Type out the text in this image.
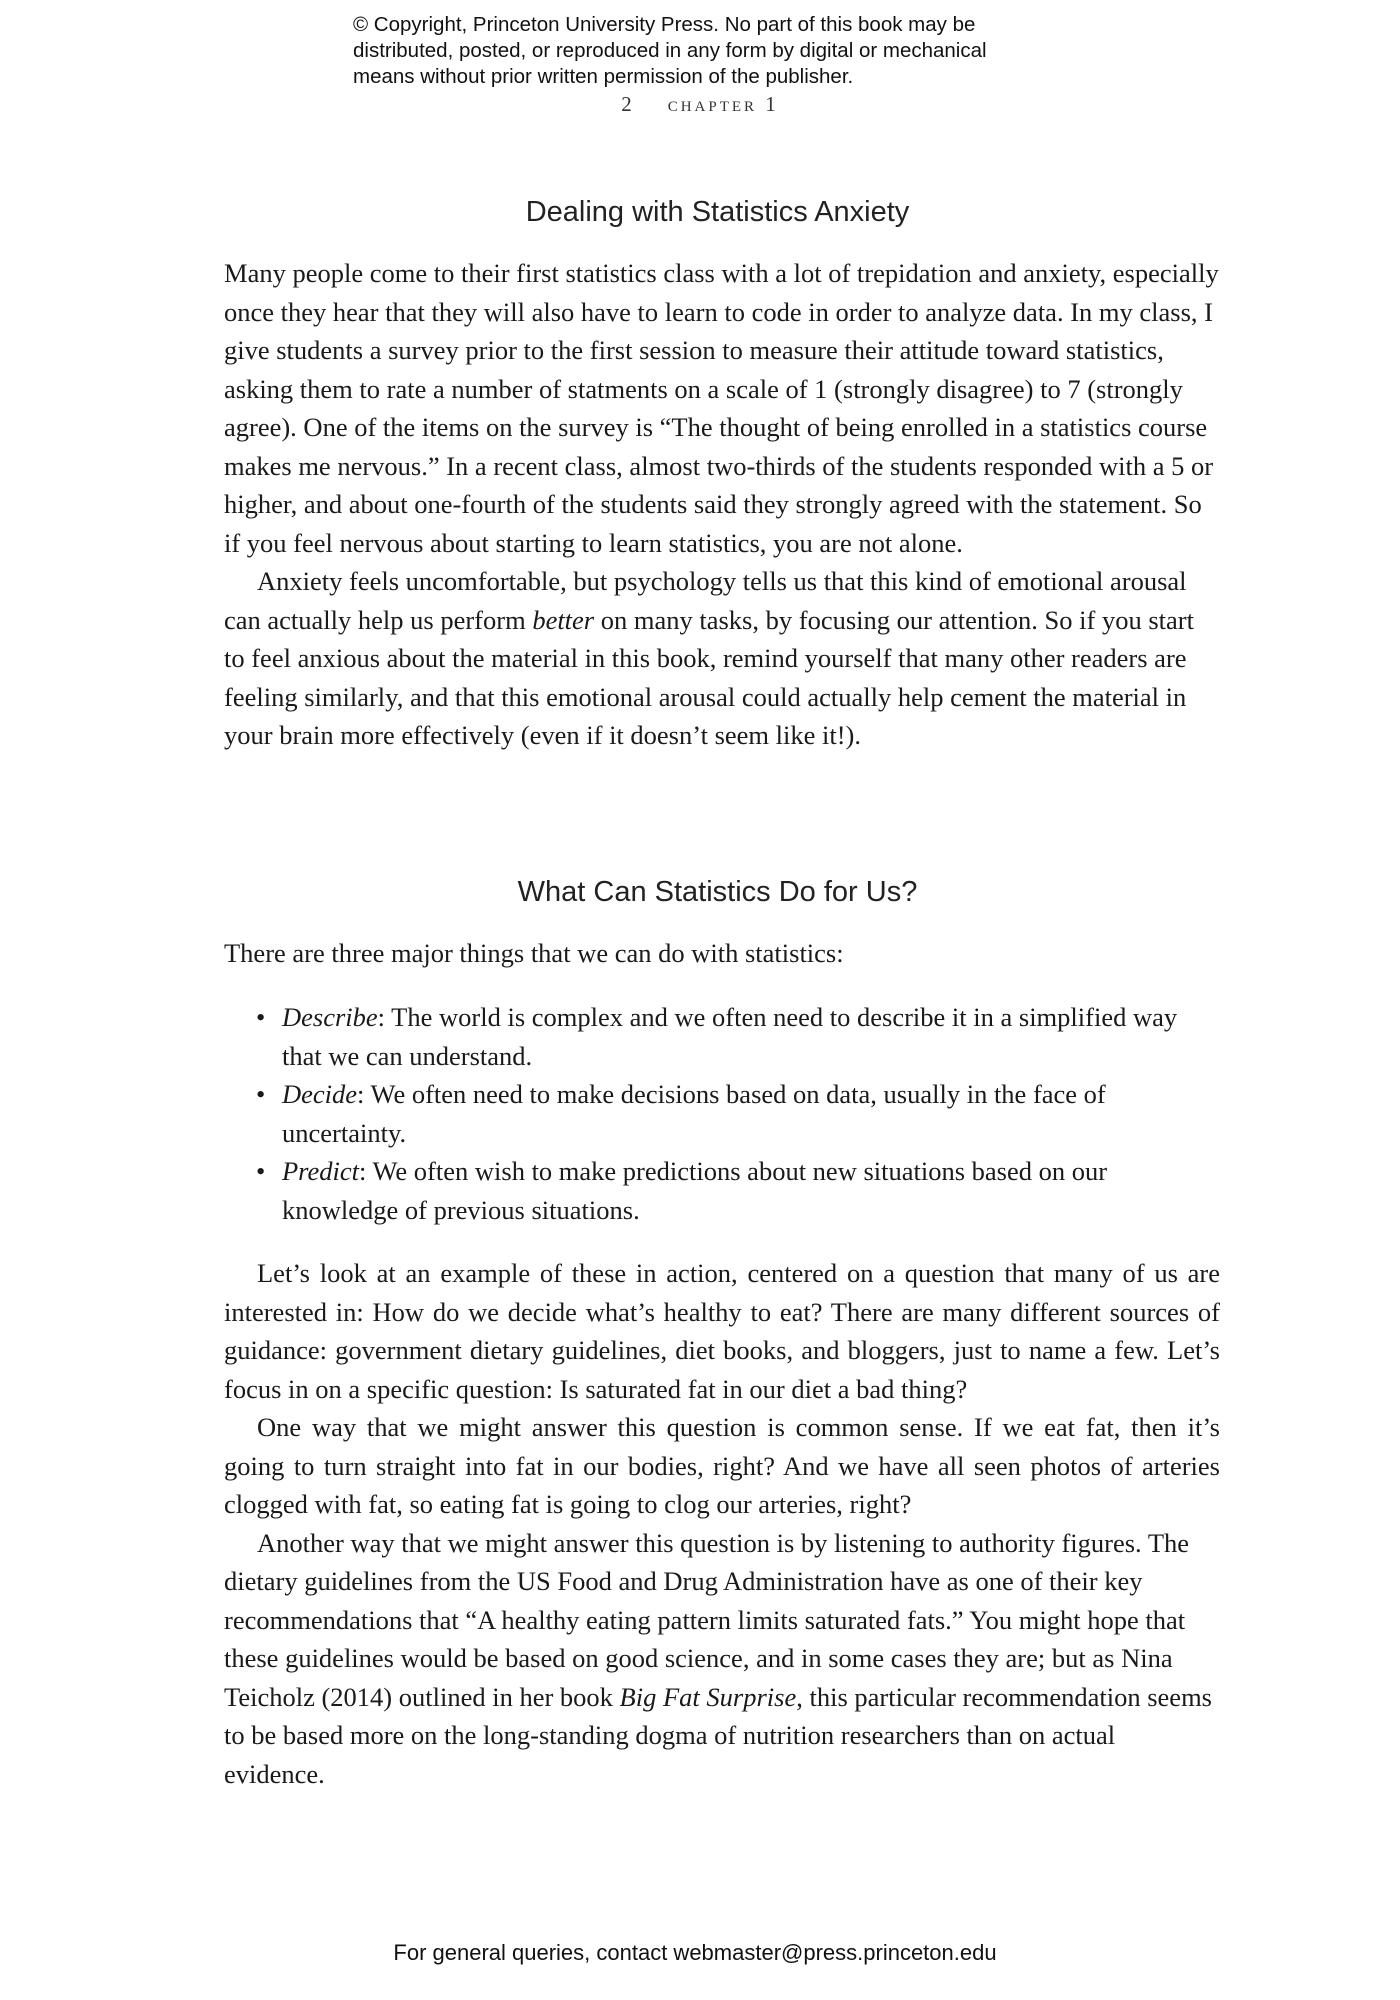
© Copyright, Princeton University Press. No part of this book may be
distributed, posted, or reproduced in any form by digital or mechanical
means without prior written permission of the publisher.
2 chapter 1
Dealing with Statistics Anxiety

Many people come to their first statistics class with a lot of trepidation and anxiety, especially once they hear that they will also have to learn to code in order to analyze data. In my class, I give students a survey prior to the first session to measure their attitude toward statistics, asking them to rate a number of statments on a scale of 1 (strongly disagree) to 7 (strongly agree). One of the items on the survey is “The thought of being enrolled in a statistics course makes me nervous.” In a recent class, almost two-thirds of the students responded with a 5 or higher, and about one-fourth of the students said they strongly agreed with the statement. So if you feel nervous about starting to learn statistics, you are not alone.

Anxiety feels uncomfortable, but psychology tells us that this kind of emotional arousal can actually help us perform better on many tasks, by focusing our attention. So if you start to feel anxious about the material in this book, remind yourself that many other readers are feeling similarly, and that this emotional arousal could actually help cement the material in your brain more effectively (even if it doesn’t seem like it!).

What Can Statistics Do for Us?

There are three major things that we can do with statistics:

• Describe: The world is complex and we often need to describe it in a simplified way that we can understand.
• Decide: We often need to make decisions based on data, usually in the face of uncertainty.
• Predict: We often wish to make predictions about new situations based on our knowledge of previous situations.

Let’s look at an example of these in action, centered on a question that many of us are interested in: How do we decide what’s healthy to eat? There are many different sources of guidance: government dietary guidelines, diet books, and bloggers, just to name a few. Let’s focus in on a specific question: Is saturated fat in our diet a bad thing?

One way that we might answer this question is common sense. If we eat fat, then it’s going to turn straight into fat in our bodies, right? And we have all seen photos of arteries clogged with fat, so eating fat is going to clog our arteries, right?

Another way that we might answer this question is by listening to authority figures. The dietary guidelines from the US Food and Drug Administration have as one of their key recommendations that “A healthy eating pattern limits saturated fats.” You might hope that these guidelines would be based on good science, and in some cases they are; but as Nina Teicholz (2014) outlined in her book Big Fat Surprise, this particular recommendation seems to be based more on the long-standing dogma of nutrition researchers than on actual evidence.

For general queries, contact webmaster@press.princeton.edu
